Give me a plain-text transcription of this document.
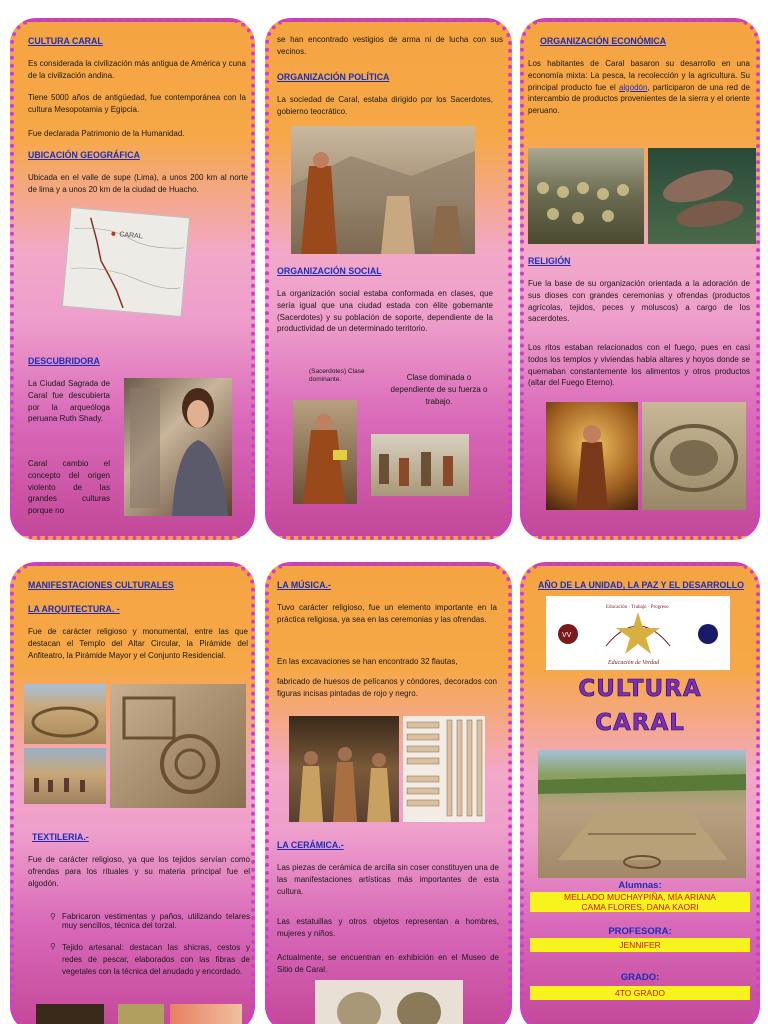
CULTURA CARAL
Es considerada la civilización más antigua de América y cuna de la civilización andina.
Tiene 5000 años de antigüedad, fue contemporánea con la cultura Mesopotamia y Egipcia.
Fue declarada Patrimonio de la Humanidad.
UBICACIÓN GEOGRÁFICA
Ubicada en el valle de supe (Lima), a unos 200 km al norte de lima y a unos 20 km de la ciudad de Huacho.
CARAL
DESCUBRIDORA
La Ciudad Sagrada de Caral fue descubierta por la arqueóloga peruana Ruth Shady.
Caral cambio el concepto del origen violento de las grandes culturas porque no
se han encontrado vestigios de arma ni de lucha con sus vecinos.
ORGANIZACIÓN POLÍTICA
La sociedad de Caral, estaba dirigido por los Sacerdotes, gobierno teocrático.
ORGANIZACIÓN SOCIAL
La organización social estaba conformada en clases, que sería igual que una ciudad estada con élite gobernante (Sacerdotes) y su población de soporte, dependiente de la productividad de un determinado territorio.
(Sacerdotes) Clase dominante.	Clase dominada o dependiente de su fuerza o trabajo.
ORGANIZACIÓN ECONÓMICA
Los habitantes de Caral basaron su desarrollo en una economía mixta: La pesca, la recolección y la agricultura. Su principal producto fue el algodón, participaron de una red de intercambio de productos provenientes de la sierra y el oriente peruano.
RELIGIÓN
Fue la base de su organización orientada a la adoración de sus dioses con grandes ceremonias y ofrendas (productos agrícolas, tejidos, peces y moluscos) a cargo de los sacerdotes.
Los ritos estaban relacionados con el fuego, pues en casi todos los templos y viviendas había altares y hoyos donde se quemaban constantemente los alimentos y otros productos (altar del Fuego Eterno).
MANIFESTACIONES CULTURALES
LA ARQUITECTURA. -
Fue de carácter religioso y monumental, entre las que destacan el Templo del Altar Circular, la Pirámide del Anfiteatro, la Pirámide Mayor y el Conjunto Residencial.
TEXTILERIA.-
Fue de carácter religioso, ya que los tejidos servían como ofrendas para los rituales y su materia principal fue el algodón.
⚲ Fabricaron vestimentas y paños, utilizando telares muy sencillos, técnica del torzal.
⚲ Tejido artesanal: destacan las shicras, cestos y redes de pescar, elaborados con las fibras de vegetales con la técnica del anudado y encordado.
LA MÚSICA.-
Tuvo carácter religioso, fue un elemento importante en la práctica religiosa, ya sea en las ceremonias y las ofrendas.
En las excavaciones se han encontrado 32 flautas,
fabricado de huesos de pelícanos y cóndores, decorados con figuras incisas pintadas de rojo y negro.
LA CERÁMICA.-
Las piezas de cerámica de arcilla sin coser constituyen una de las manifestaciones artísticas más importantes de esta cultura.
Las estatuillas y otros objetos representan a hombres, mujeres y niños.
Actualmente, se encuentran en exhibición en el Museo de Sitio de Caral.
AÑO DE LA UNIDAD, LA PAZ Y EL DESARROLLO
VV
Educación · Trabajo · Progreso
Educación de Verdad
CULTURA
CARAL
Alumnas:
MELLADO MUCHAYPIÑA, MÍA ARIANA
CAMA FLORES, DANA KAORI
PROFESORA:
JENNIFER
GRADO:
4TO GRADO
